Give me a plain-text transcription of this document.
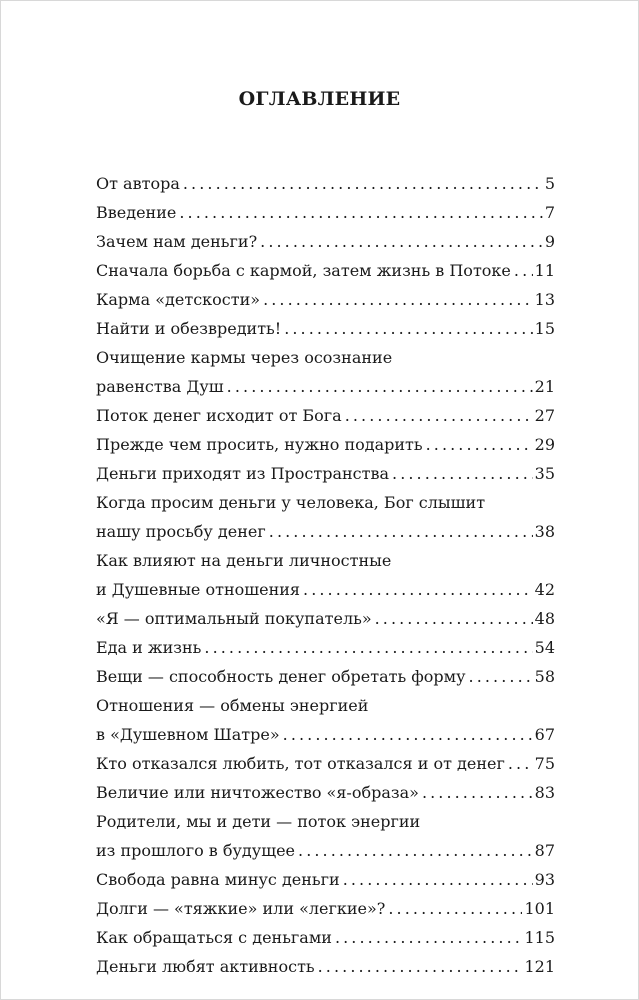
ОГЛАВЛЕНИЕ
От автора . . .	5
Введение . . .	7
Зачем нам деньги? . . .	9
Сначала борьба с кармой, затем жизнь в Потоке . . . 11
Карма «детскости» . . .	13
Найти и обезвредить! . . .	15
Очищение кармы через осознание
равенства Душ . . .	21
Поток денег исходит от Бога . . .	27
Прежде чем просить, нужно подарить . . .	29
Деньги приходят из Пространства . . .	35
Когда просим деньги у человека, Бог слышит
нашу просьбу денег . . .	38
Как влияют на деньги личностные
и Душевные отношения . . .	42
«Я — оптимальный покупатель» . . .	48
Еда и жизнь . . .	54
Вещи — способность денег обретать форму . . .	58
Отношения — обмены энергией
в «Душевном Шатре» . . .	67
Кто отказался любить, тот отказался и от денег . . . 75
Величие или ничтожество «я-образа» . . .	83
Родители, мы и дети — поток энергии
из прошлого в будущее . . .	87
Свобода равна минус деньги . . .	93
Долги — «тяжкие» или «легкие»? . . .	101
Как обращаться с деньгами . . .	115
Деньги любят активность . . .	121
